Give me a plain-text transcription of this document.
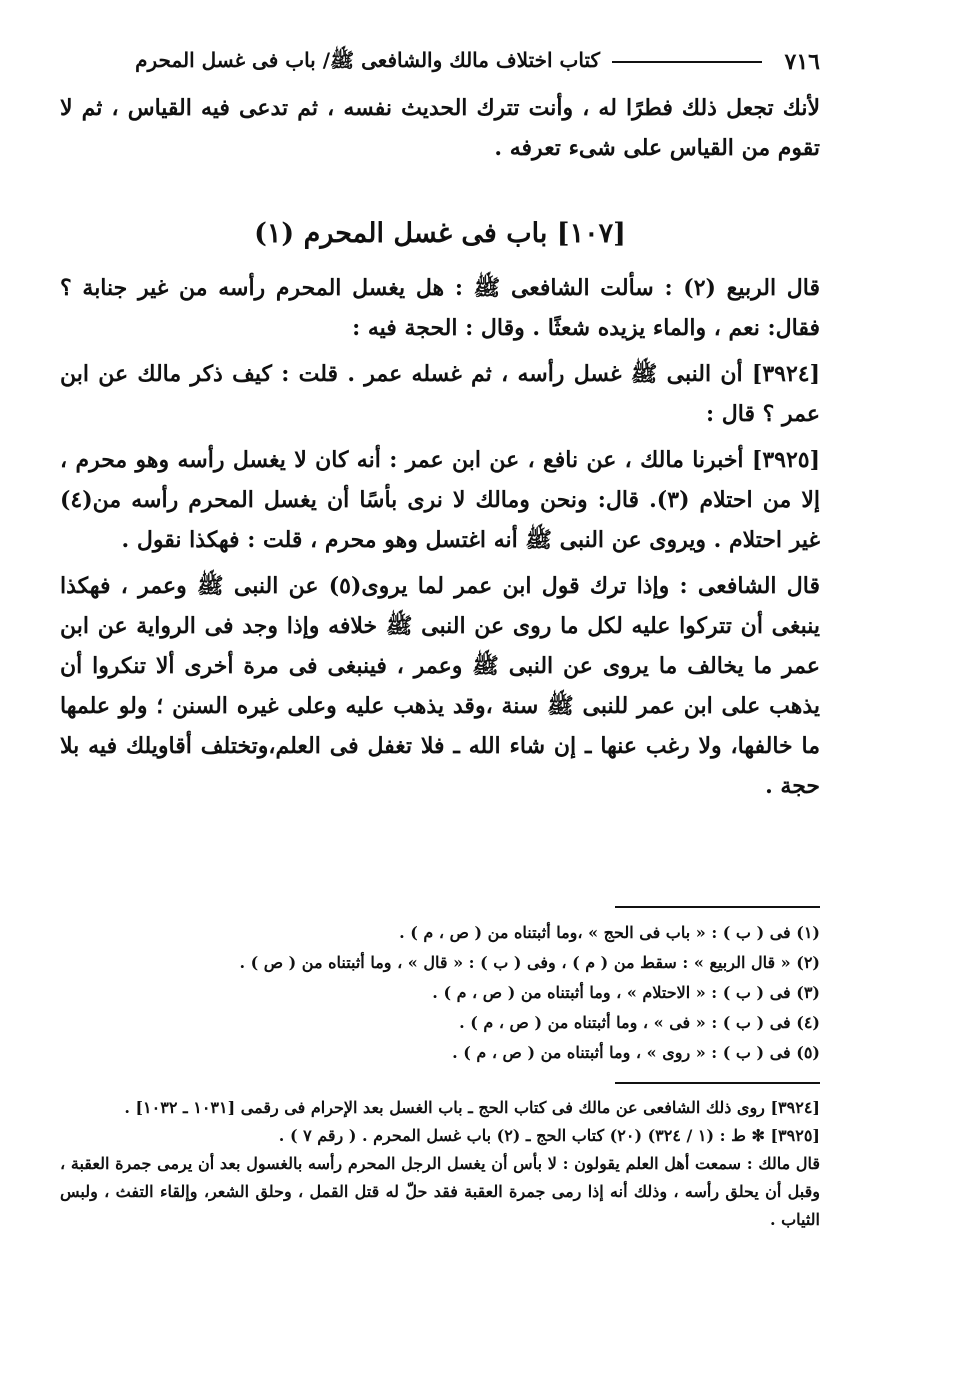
٧١٦
كتاب اختلاف مالك والشافعى ﷺ/ باب فى غسل المحرم

لأنك تجعل ذلك فطرًا له ، وأنت تترك الحديث نفسه ، ثم تدعى فيه القياس ، ثم لا تقوم من القياس على شىء تعرفه .

[١٠٧] باب فى غسل المحرم (١)

قال الربيع (٢) : سألت الشافعى ﷺ : هل يغسل المحرم رأسه من غير جنابة ؟ فقال: نعم ، والماء يزيده شعثًا . وقال : الحجة فيه :

[٣٩٢٤] أن النبى ﷺ غسل رأسه ، ثم غسله عمر . قلت : كيف ذكر مالك عن ابن عمر ؟ قال :

[٣٩٢٥] أخبرنا مالك ، عن نافع ، عن ابن عمر : أنه كان لا يغسل رأسه وهو محرم ، إلا من احتلام (٣). قال: ونحن ومالك لا نرى بأسًا أن يغسل المحرم رأسه من(٤) غير احتلام . ويروى عن النبى ﷺ أنه اغتسل وهو محرم ، قلت : فهكذا نقول .

قال الشافعى : وإذا ترك قول ابن عمر لما يروى(٥) عن النبى ﷺ وعمر ، فهكذا ينبغى أن تتركوا عليه لكل ما روى عن النبى ﷺ خلافه وإذا وجد فى الرواية عن ابن عمر ما يخالف ما يروى عن النبى ﷺ وعمر ، فينبغى فى مرة أخرى ألا تنكروا أن يذهب على ابن عمر للنبى ﷺ سنة ،وقد يذهب عليه وعلى غيره السنن ؛ ولو علمها ما خالفها، ولا رغب عنها ـ إن شاء الله ـ فلا تغفل فى العلم،وتختلف أقاويلك فيه بلا حجة .

(١) فى ( ب ) : « باب فى الحج » ،وما أثبتناه من ( ص ، م ) .
(٢) « قال الربيع » : سقط من ( م ) ، وفى ( ب ) : « قال » ، وما أثبتناه من ( ص ) .
(٣) فى ( ب ) : « الاحتلام » ، وما أثبتناه من ( ص ، م ) .
(٤) فى ( ب ) : « فى » ، وما أثبتناه من ( ص ، م ) .
(٥) فى ( ب ) : « روى » ، وما أثبتناه من ( ص ، م ) .
[٣٩٢٤] روى ذلك الشافعى عن مالك فى كتاب الحج ـ باب الغسل بعد الإحرام فى رقمى [١٠٣١ ـ ١٠٣٢] .
[٣٩٢٥] ✻ ط : (١ / ٣٢٤) (٢٠) كتاب الحج ـ (٢) باب غسل المحرم . ( رقم ٧ ) .
قال مالك : سمعت أهل العلم يقولون : لا بأس أن يغسل الرجل المحرم رأسه بالغسول بعد أن يرمى جمرة العقبة ، وقبل أن يحلق رأسه ، وذلك أنه إذا رمى جمرة العقبة فقد حلّ له قتل القمل ، وحلق الشعر، وإلقاء التفث ، ولبس الثياب .
